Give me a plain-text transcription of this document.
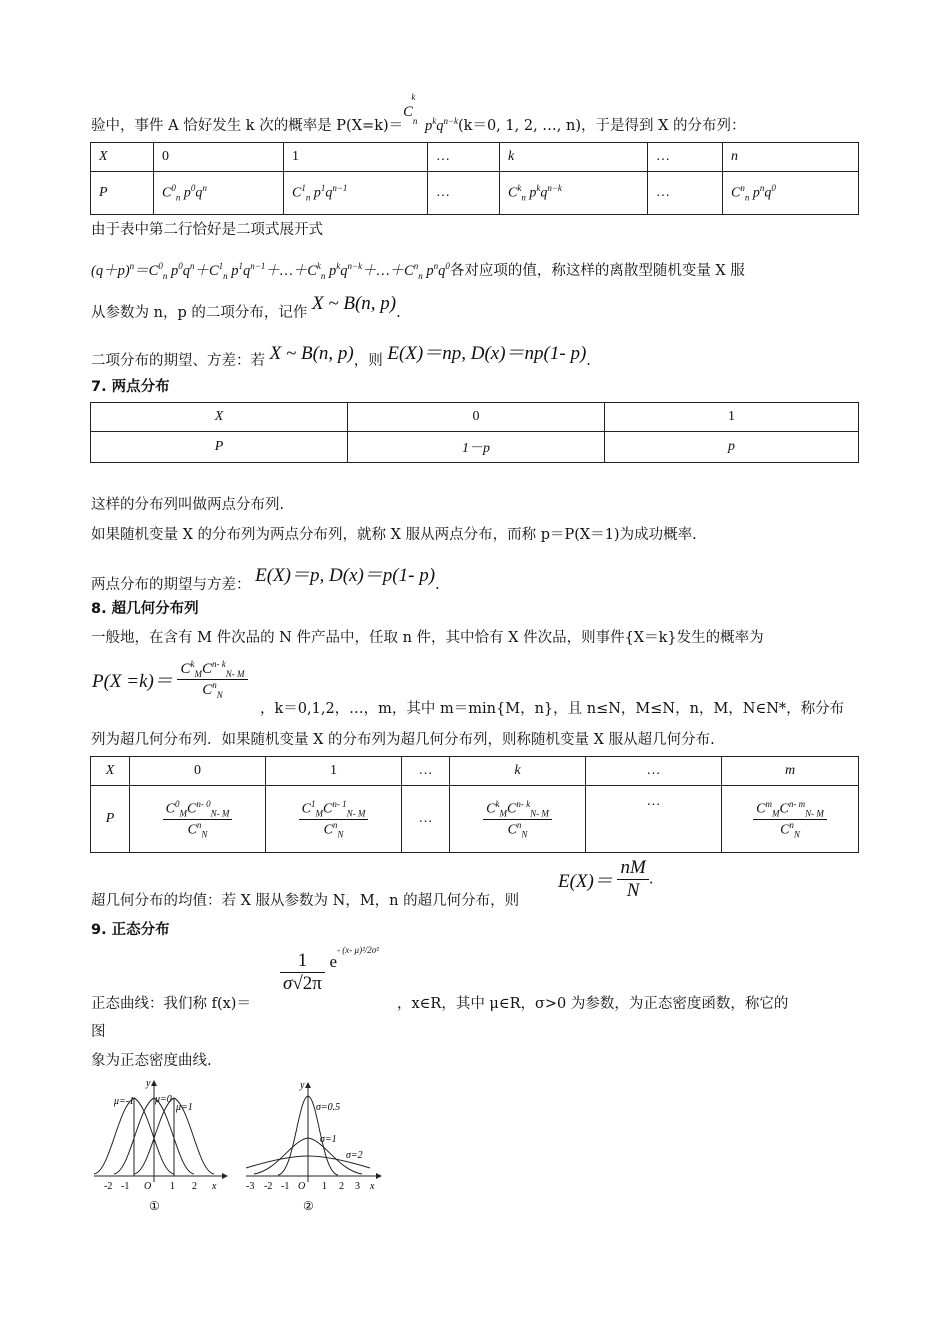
验中，事件 A 恰好发生 k 次的概率是 $P(X=k)=C_n^k$ $p^kq^{n-k}(k=0$, 1, 2, …, n)，于是得到 X 的分布列：
X	0	1	…	k	…	n
P	$C^0_n$ $p^0q^n$	$C^1_n$ $p^1q^{n-1}$	…	$C^k_n$ $p^kq^{n-k}$	…	$C^n_n$ $p^nq^0$
由于表中第二行恰好是二项式展开式
$(q+p)^n=C^0_n$ $p^0q^n+C^1_n$ $p^1q^{n-1}+\dots+C^k_n$ $p^kq^{n-k}+\dots+C^n_n$ $p^nq^0$各对应项的值，称这样的离散型随机变量 X 服
从参数为 n，p 的二项分布，记作 X ~ B(n, p).
二项分布的期望、方差：若 X ~ B(n, p)，则 E(X)＝np, D(x)＝np(1- p).
7. 两点分布
X	0	1
P	1－p	p
这样的分布列叫做两点分布列.
如果随机变量 X 的分布列为两点分布列，就称 X 服从两点分布，而称 p＝P(X＝1)为成功概率.
两点分布的期望与方差： E(X)＝p, D(x)＝p(1- p).
8. 超几何分布列
一般地，在含有 M 件次品的 N 件产品中，任取 n 件，其中恰有 X 件次品，则事件{X＝k}发生的概率为
$P(X =k)= \frac{C^k_MC^{n- k}_{N- M}}{C^n_N}$
，k＝0,1,2，…，m，其中 m＝min{M，n}，且 n≤N，M≤N，n，M，N∈N*，称分布
列为超几何分布列．如果随机变量 X 的分布列为超几何分布列，则称随机变量 X 服从超几何分布.
X	0	1	…	k	…	m
P	$\frac{C^0_MC^{n- 0}_{N- M}}{C^n_N}$	$\frac{C^1_MC^{n- 1}_{N- M}}{C^n_N}$	…	$\frac{C^k_MC^{n- k}_{N- M}}{C^n_N}$	…	$\frac{C^m_MC^{n- m}_{N- M}}{C^n_N}$
超几何分布的均值：若 X 服从参数为 N，M，n 的超几何分布，则
$E(X)= \frac{nM}{N}$ .
9. 正态分布
$\frac{1}{\sigma√2\pi} e^{- (x- \mu)^2/2\sigma^2}$
正态曲线：我们称 f(x)＝	，x∈R，其中 μ∈R，σ>0 为参数，为正态密度函数，称它的
图
象为正态密度曲线.
μ=-1 μ=0
μ=1
-2 -1 O 1 2 x
y
①
σ=0.5
σ=1
σ=2
-3 -2 -1 O 1 2 3 x
y
②
